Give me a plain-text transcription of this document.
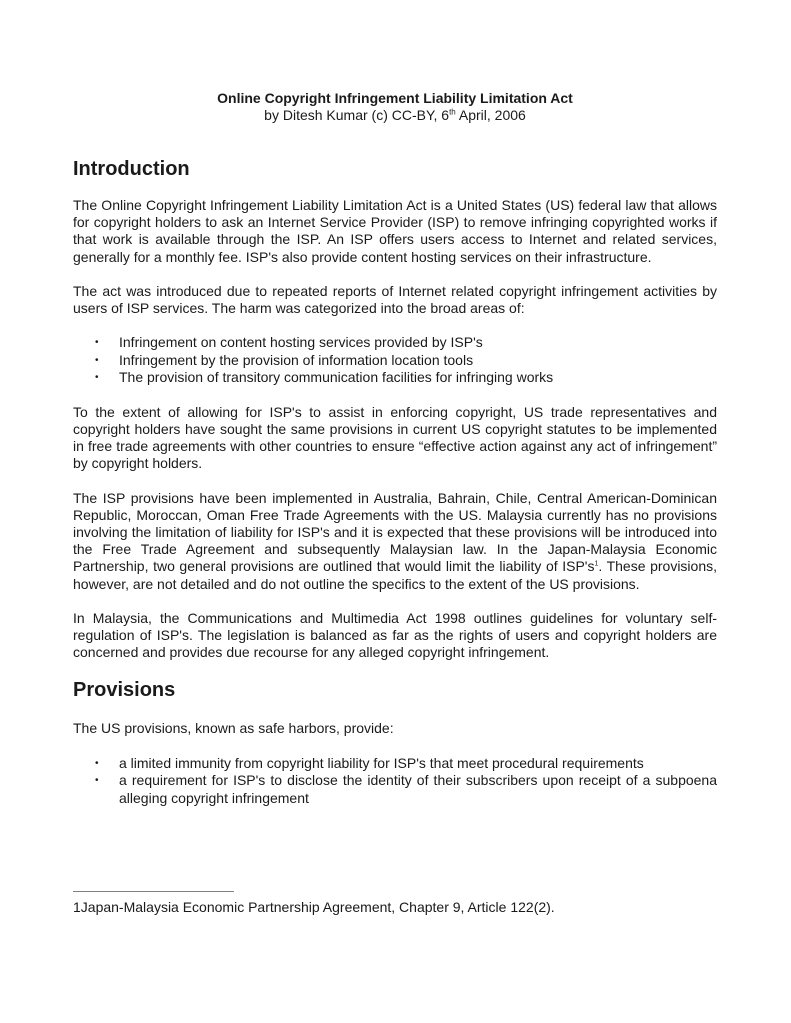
Online Copyright Infringement Liability Limitation Act

by Ditesh Kumar (c) CC-BY, 6th April, 2006

Introduction

The Online Copyright Infringement Liability Limitation Act is a United States (US) federal law that allows for copyright holders to ask an Internet Service Provider (ISP) to remove infringing copyrighted works if that work is available through the ISP. An ISP offers users access to Internet and related services, generally for a monthly fee. ISP's also provide content hosting services on their infrastructure.

The act was introduced due to repeated reports of Internet related copyright infringement activities by users of ISP services. The harm was categorized into the broad areas of:

• Infringement on content hosting services provided by ISP's
• Infringement by the provision of information location tools
• The provision of transitory communication facilities for infringing works

To the extent of allowing for ISP's to assist in enforcing copyright, US trade representatives and copyright holders have sought the same provisions in current US copyright statutes to be implemented in free trade agreements with other countries to ensure “effective action against any act of infringement” by copyright holders.

The ISP provisions have been implemented in Australia, Bahrain, Chile, Central American-Dominican Republic, Moroccan, Oman Free Trade Agreements with the US. Malaysia currently has no provisions involving the limitation of liability for ISP's and it is expected that these provisions will be introduced into the Free Trade Agreement and subsequently Malaysian law. In the Japan-Malaysia Economic Partnership, two general provisions are outlined that would limit the liability of $ISP's^1$. These provisions, however, are not detailed and do not outline the specifics to the extent of the US provisions.

In Malaysia, the Communications and Multimedia Act 1998 outlines guidelines for voluntary self-regulation of ISP's. The legislation is balanced as far as the rights of users and copyright holders are concerned and provides due recourse for any alleged copyright infringement.

Provisions

The US provisions, known as safe harbors, provide:

• a limited immunity from copyright liability for ISP's that meet procedural requirements
• a requirement for ISP's to disclose the identity of their subscribers upon receipt of a subpoena alleging copyright infringement

1Japan-Malaysia Economic Partnership Agreement, Chapter 9, Article 122(2).
